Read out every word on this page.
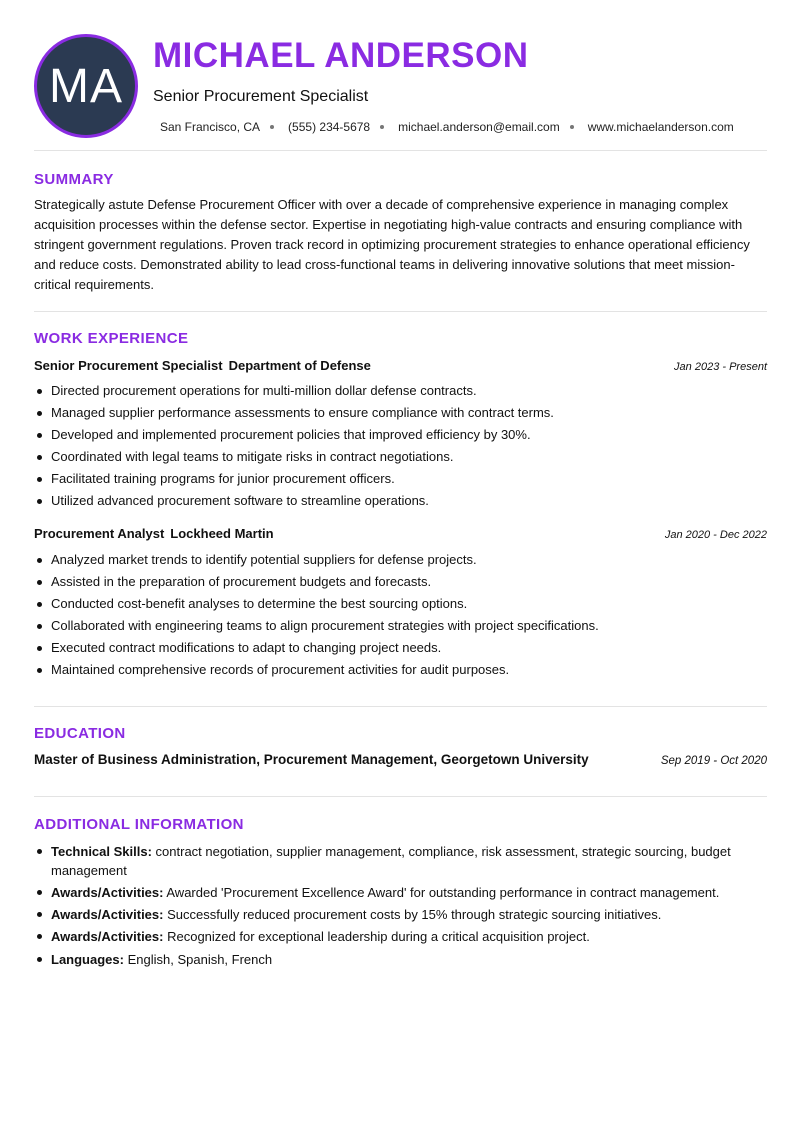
MA
MICHAEL ANDERSON
Senior Procurement Specialist
San Francisco, CA (555) 234-5678 michael.anderson@email.com www.michaelanderson.com
SUMMARY

Strategically astute Defense Procurement Officer with over a decade of comprehensive experience in managing complex acquisition processes within the defense sector. Expertise in negotiating high-value contracts and ensuring compliance with stringent government regulations. Proven track record in optimizing procurement strategies to enhance operational efficiency and reduce costs. Demonstrated ability to lead cross-functional teams in delivering innovative solutions that meet mission-critical requirements.

WORK EXPERIENCE
Senior Procurement Specialist Department of Defense	Jan 2023 - Present
Directed procurement operations for multi-million dollar defense contracts.
Managed supplier performance assessments to ensure compliance with contract terms.
Developed and implemented procurement policies that improved efficiency by 30%.
Coordinated with legal teams to mitigate risks in contract negotiations.
Facilitated training programs for junior procurement officers.
Utilized advanced procurement software to streamline operations.
Procurement Analyst Lockheed Martin	Jan 2020 - Dec 2022
Analyzed market trends to identify potential suppliers for defense projects.
Assisted in the preparation of procurement budgets and forecasts.
Conducted cost-benefit analyses to determine the best sourcing options.
Collaborated with engineering teams to align procurement strategies with project specifications.
Executed contract modifications to adapt to changing project needs.
Maintained comprehensive records of procurement activities for audit purposes.
EDUCATION
Master of Business Administration, Procurement Management, Georgetown University	Sep 2019 - Oct 2020
ADDITIONAL INFORMATION
Technical Skills: contract negotiation, supplier management, compliance, risk assessment, strategic sourcing, budget management
Awards/Activities: Awarded 'Procurement Excellence Award' for outstanding performance in contract management.
Awards/Activities: Successfully reduced procurement costs by 15% through strategic sourcing initiatives.
Awards/Activities: Recognized for exceptional leadership during a critical acquisition project.
Languages: English, Spanish, French
